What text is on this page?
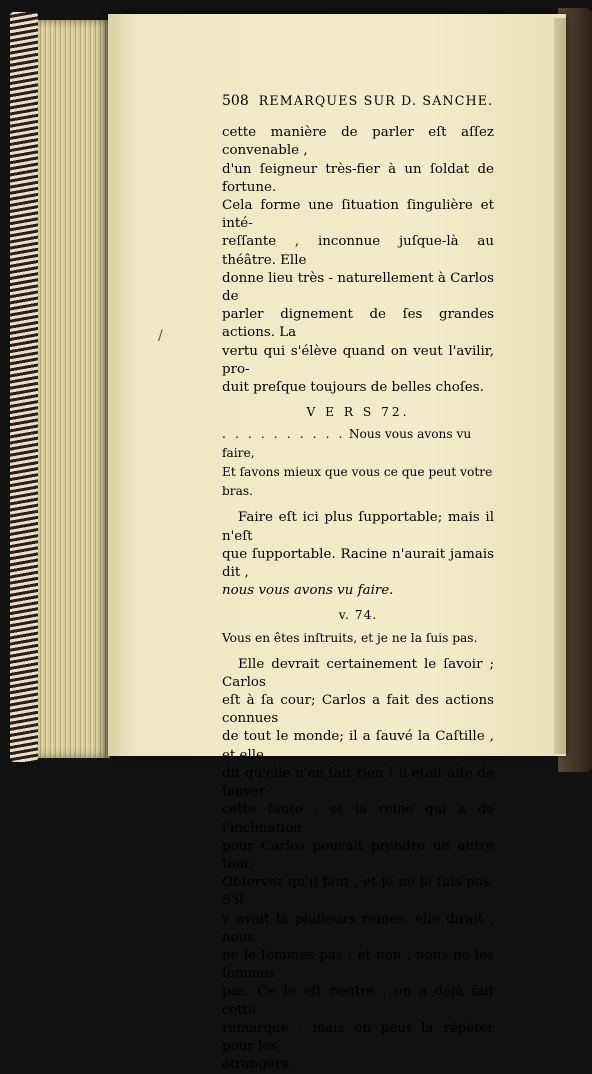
508 REMARQUES SUR D. SANCHE.
cette manière de parler eſt aſſez convenable ,
d'un ſeigneur très-fier à un ſoldat de fortune.
Cela forme une ſituation ſingulière et inté-
reſſante , inconnue juſque-là au théâtre. Elle
donne lieu très - naturellement à Carlos de
parler dignement de ſes grandes actions. La
vertu qui s'élève quand on veut l'avilir, pro-
duit preſque toujours de belles choſes.
V E R S 72.
. . . . . . . . . . Nous vous avons vu faire,
Et ſavons mieux que vous ce que peut votre bras.
Faire eſt ici plus ſupportable; mais il n'eſt
que ſupportable. Racine n'aurait jamais dit ,
nous vous avons vu faire.
v. 74.
Vous en êtes inſtruits, et je ne la ſuis pas.
Elle devrait certainement le ſavoir ; Carlos
eſt à ſa cour; Carlos a fait des actions connues
de tout le monde; il a ſauvé la Caſtille , et elle
dit qu'elle n'en ſait rien ! il était aiſé de ſauver
cette faute , et la reine qui a de l'inclination
pour Carlos pouvait prendre un autre tour.
Obſervez qu'il faut , et je ne le ſuis pas. S'il
y avait là pluſieurs reines, elle dirait , nous
ne le ſommes pas ; et non , nous ne les ſommes
pas. Ce le eſt neutre ; on a déjà fait cette
remarque , mais on peut la répéter pour les
étrangers.
/
